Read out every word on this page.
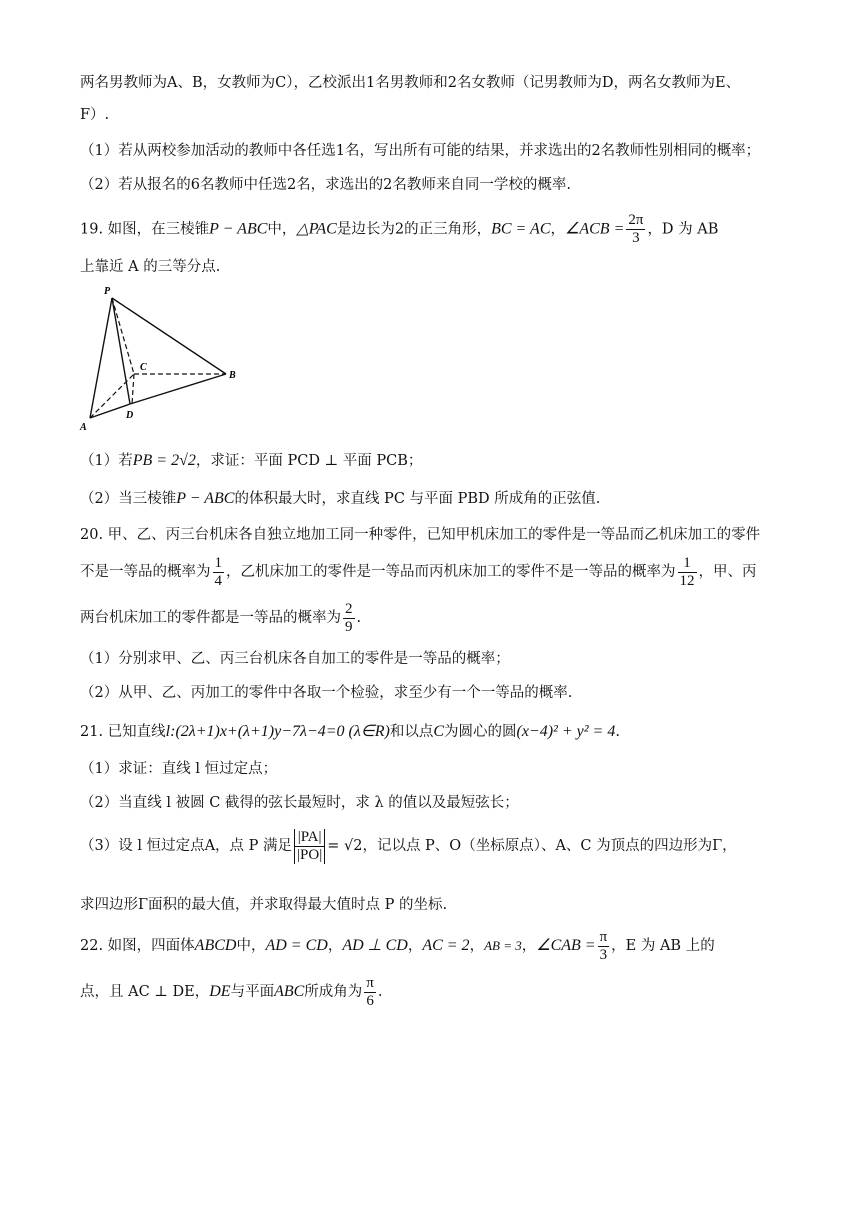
两名男教师为A、B，女教师为C），乙校派出1名男教师和2名女教师（记男教师为D，两名女教师为E、
F）.
（1）若从两校参加活动的教师中各任选1名，写出所有可能的结果，并求选出的2名教师性别相同的概率；
（2）若从报名的6名教师中任选2名，求选出的2名教师来自同一学校的概率.
19. 如图，在三棱锥P − ABC中，△PAC是边长为2的正三角形，BC = AC，∠ACB = $\frac{2\pi}{3}$ ，D 为 AB
上靠近 A 的三等分点.
P
A
B
C
D
（1）若PB = 2√2，求证：平面 PCD ⊥ 平面 PCB；
（2）当三棱锥P − ABC的体积最大时，求直线 PC 与平面 PBD 所成角的正弦值.
20. 甲、乙、丙三台机床各自独立地加工同一种零件，已知甲机床加工的零件是一等品而乙机床加工的零件
不是一等品的概率为 $\frac{1}{4}$ ，乙机床加工的零件是一等品而丙机床加工的零件不是一等品的概率为 $\frac{1}{12}$ ，甲、丙
两台机床加工的零件都是一等品的概率为 $\frac{2}{9}$ .
（1）分别求甲、乙、丙三台机床各自加工的零件是一等品的概率；
（2）从甲、乙、丙加工的零件中各取一个检验，求至少有一个一等品的概率.
21. 已知直线l:(2λ+1)x+(λ+1)y−7λ−4=0 (λ∈R)和以点C为圆心的圆(x−4)² + y² = 4.
（1）求证：直线 l 恒过定点；
（2）当直线 l 被圆 C 截得的弦长最短时，求 λ 的值以及最短弦长；
（3）设 l 恒过定点A，点 P 满足 $\frac{|PA|}{|PO|} = √2$，记以点 P、O（坐标原点）、A、C 为顶点的四边形为Γ，
求四边形Γ面积的最大值，并求取得最大值时点 P 的坐标.
22. 如图，四面体ABCD中，AD = CD，AD ⊥ CD，AC = 2，AB = 3，∠CAB = $\frac{\pi}{3}$ ，E 为 AB 上的
点，且 AC ⊥ DE，DE与平面ABC所成角为 $\frac{\pi}{6}$ .
